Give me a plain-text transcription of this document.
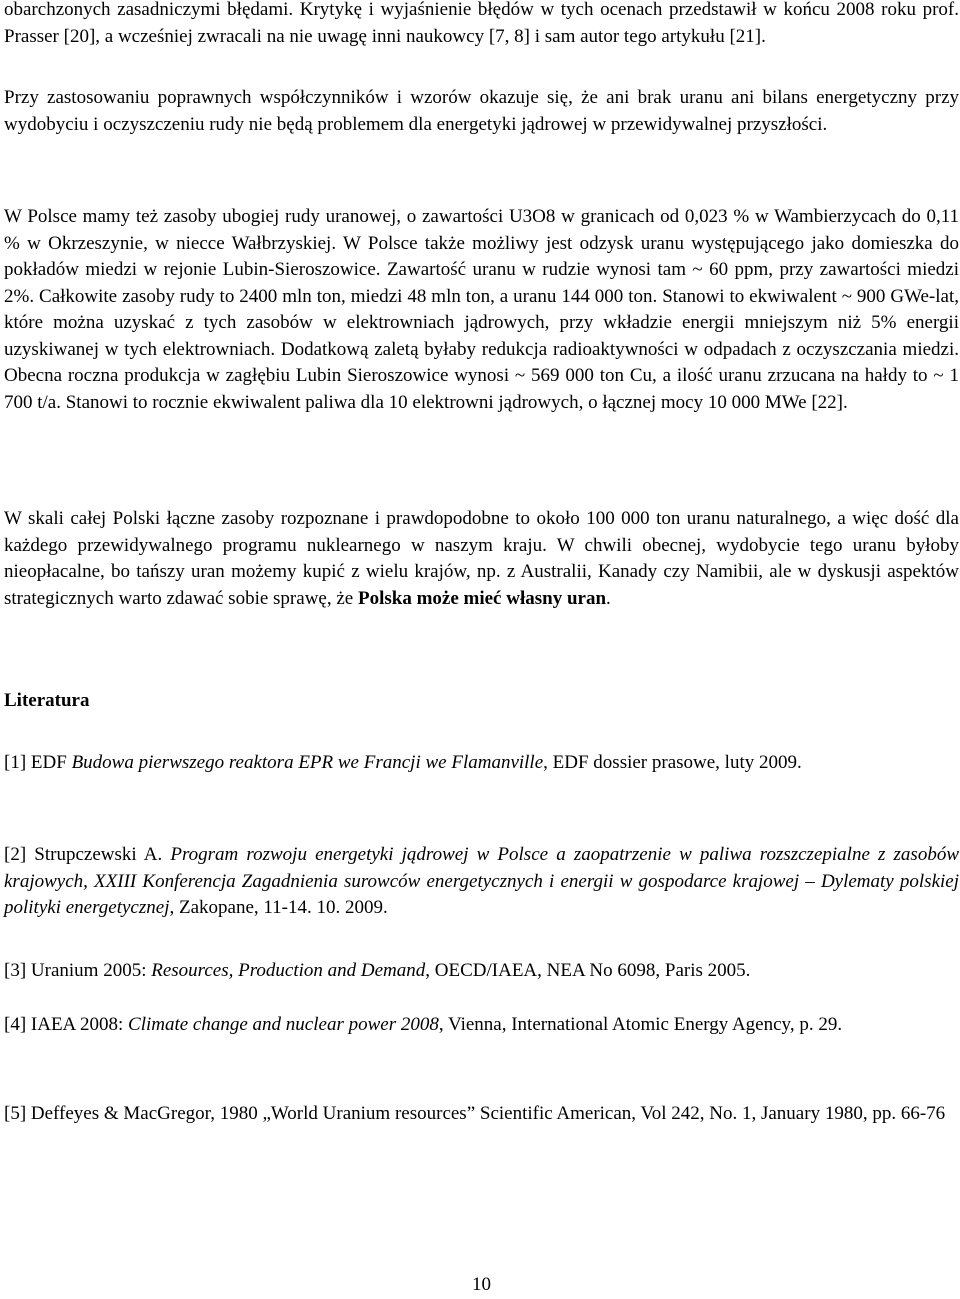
obarchzonych zasadniczymi błędami. Krytykę i wyjaśnienie błędów w tych ocenach przedstawił w końcu 2008 roku prof. Prasser [20], a wcześniej zwracali na nie uwagę inni naukowcy [7, 8] i sam autor tego artykułu [21].

Przy zastosowaniu poprawnych współczynników i wzorów okazuje się, że ani brak uranu ani bilans energetyczny przy wydobyciu i oczyszczeniu rudy nie będą problemem dla energetyki jądrowej w przewidywalnej przyszłości.

W Polsce mamy też zasoby ubogiej rudy uranowej, o zawartości U3O8 w granicach od 0,023 % w Wambierzycach do 0,11 % w Okrzeszynie, w niecce Wałbrzyskiej. W Polsce także możliwy jest odzysk uranu występującego jako domieszka do pokładów miedzi w rejonie Lubin-Sieroszowice. Zawartość uranu w rudzie wynosi tam ~ 60 ppm, przy zawartości miedzi 2%. Całkowite zasoby rudy to 2400 mln ton, miedzi 48 mln ton, a uranu 144 000 ton. Stanowi to ekwiwalent ~ 900 GWe-lat, które można uzyskać z tych zasobów w elektrowniach jądrowych, przy wkładzie energii mniejszym niż 5% energii uzyskiwanej w tych elektrowniach. Dodatkową zaletą byłaby redukcja radioaktywności w odpadach z oczyszczania miedzi. Obecna roczna produkcja w zagłębiu Lubin Sieroszowice wynosi ~ 569 000 ton Cu, a ilość uranu zrzucana na hałdy to ~ 1 700 t/a. Stanowi to rocznie ekwiwalent paliwa dla 10 elektrowni jądrowych, o łącznej mocy 10 000 MWe [22].

W skali całej Polski łączne zasoby rozpoznane i prawdopodobne to około 100 000 ton uranu naturalnego, a więc dość dla każdego przewidywalnego programu nuklearnego w naszym kraju. W chwili obecnej, wydobycie tego uranu byłoby nieopłacalne, bo tańszy uran możemy kupić z wielu krajów, np. z Australii, Kanady czy Namibii, ale w dyskusji aspektów strategicznych warto zdawać sobie sprawę, że Polska może mieć własny uran.

Literatura

[1] EDF Budowa pierwszego reaktora EPR we Francji we Flamanville, EDF dossier prasowe, luty 2009.

[2] Strupczewski A. Program rozwoju energetyki jądrowej w Polsce a zaopatrzenie w paliwa rozszczepialne z zasobów krajowych, XXIII Konferencja Zagadnienia surowców energetycznych i energii w gospodarce krajowej – Dylematy polskiej polityki energetycznej, Zakopane, 11-14. 10. 2009.

[3] Uranium 2005: Resources, Production and Demand, OECD/IAEA, NEA No 6098, Paris 2005.

[4] IAEA 2008: Climate change and nuclear power 2008, Vienna, International Atomic Energy Agency, p. 29.

[5] Deffeyes & MacGregor, 1980 „World Uranium resources” Scientific American, Vol 242, No. 1, January 1980, pp. 66-76

10
